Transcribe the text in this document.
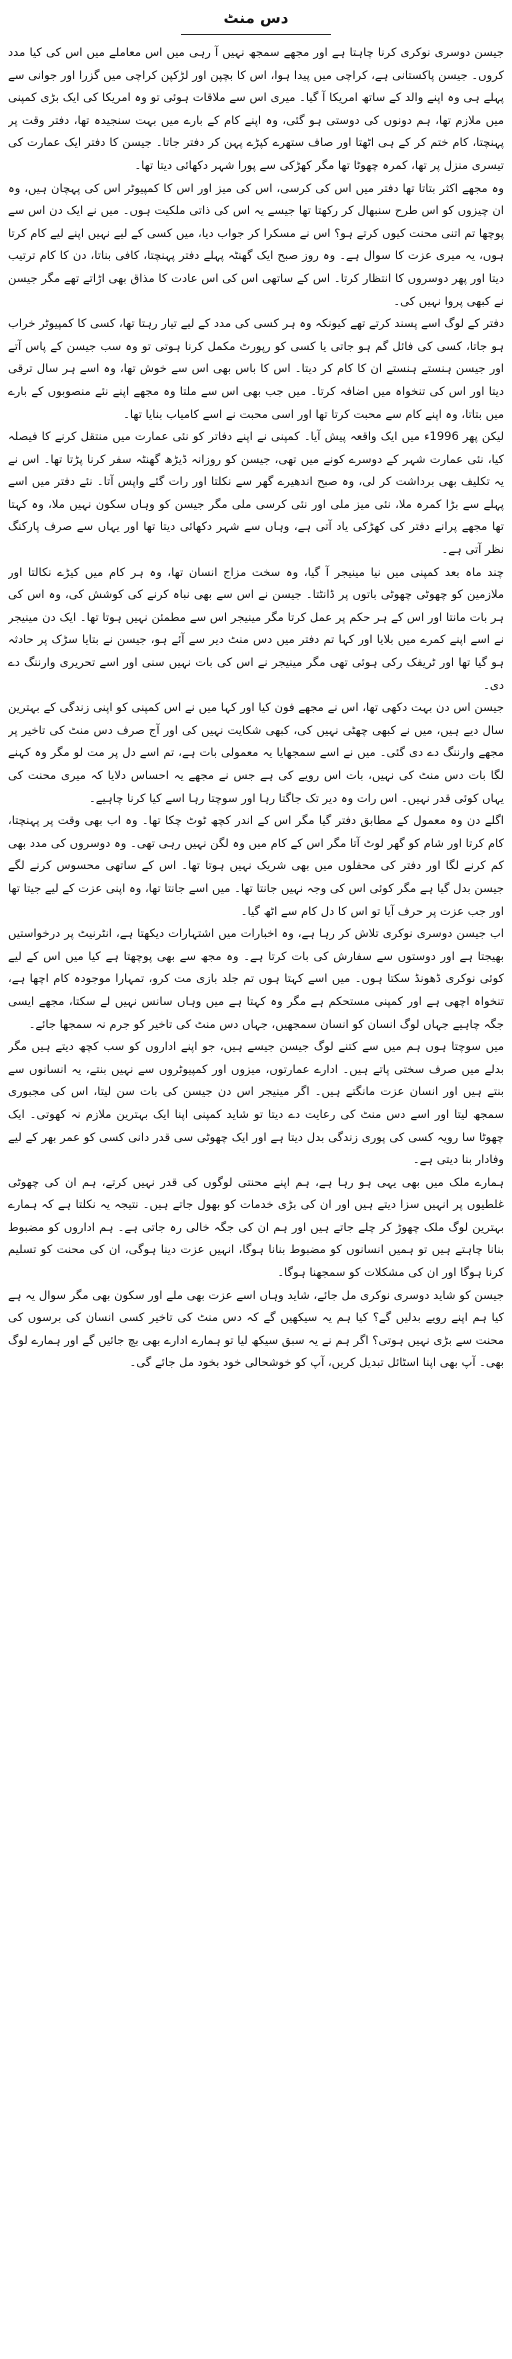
دس منٹ

جیسن دوسری نوکری کرنا چاہتا ہے اور مجھے سمجھ نہیں آ رہی میں اس معاملے میں اس کی کیا مدد کروں۔ جیسن پاکستانی ہے، کراچی میں پیدا ہوا، اس کا بچپن اور لڑکپن کراچی میں گزرا اور جوانی سے پہلے ہی وہ اپنے والد کے ساتھ امریکا آ گیا۔ میری اس سے ملاقات ہوئی تو وہ امریکا کی ایک بڑی کمپنی میں ملازم تھا، ہم دونوں کی دوستی ہو گئی، وہ اپنے کام کے بارے میں بہت سنجیدہ تھا، دفتر وقت پر پہنچتا، کام ختم کر کے ہی اٹھتا اور صاف ستھرے کپڑے پہن کر دفتر جاتا۔ جیسن کا دفتر ایک عمارت کی تیسری منزل پر تھا، کمرہ چھوٹا تھا مگر کھڑکی سے پورا شہر دکھائی دیتا تھا۔

وہ مجھے اکثر بتاتا تھا دفتر میں اس کی کرسی، اس کی میز اور اس کا کمپیوٹر اس کی پہچان ہیں، وہ ان چیزوں کو اس طرح سنبھال کر رکھتا تھا جیسے یہ اس کی ذاتی ملکیت ہوں۔ میں نے ایک دن اس سے پوچھا تم اتنی محنت کیوں کرتے ہو؟ اس نے مسکرا کر جواب دیا، میں کسی کے لیے نہیں اپنے لیے کام کرتا ہوں، یہ میری عزت کا سوال ہے۔ وہ روز صبح ایک گھنٹہ پہلے دفتر پہنچتا، کافی بناتا، دن کا کام ترتیب دیتا اور پھر دوسروں کا انتظار کرتا۔ اس کے ساتھی اس کی اس عادت کا مذاق بھی اڑاتے تھے مگر جیسن نے کبھی پروا نہیں کی۔

دفتر کے لوگ اسے پسند کرتے تھے کیونکہ وہ ہر کسی کی مدد کے لیے تیار رہتا تھا، کسی کا کمپیوٹر خراب ہو جاتا، کسی کی فائل گم ہو جاتی یا کسی کو رپورٹ مکمل کرنا ہوتی تو وہ سب جیسن کے پاس آتے اور جیسن ہنستے ہنستے ان کا کام کر دیتا۔ اس کا باس بھی اس سے خوش تھا، وہ اسے ہر سال ترقی دیتا اور اس کی تنخواہ میں اضافہ کرتا۔ میں جب بھی اس سے ملتا وہ مجھے اپنے نئے منصوبوں کے بارے میں بتاتا، وہ اپنے کام سے محبت کرتا تھا اور اسی محبت نے اسے کامیاب بنایا تھا۔

لیکن پھر 1996ء میں ایک واقعہ پیش آیا۔ کمپنی نے اپنے دفاتر کو نئی عمارت میں منتقل کرنے کا فیصلہ کیا، نئی عمارت شہر کے دوسرے کونے میں تھی، جیسن کو روزانہ ڈیڑھ گھنٹہ سفر کرنا پڑتا تھا۔ اس نے یہ تکلیف بھی برداشت کر لی، وہ صبح اندھیرے گھر سے نکلتا اور رات گئے واپس آتا۔ نئے دفتر میں اسے پہلے سے بڑا کمرہ ملا، نئی میز ملی اور نئی کرسی ملی مگر جیسن کو وہاں سکون نہیں ملا، وہ کہتا تھا مجھے پرانے دفتر کی کھڑکی یاد آتی ہے، وہاں سے شہر دکھائی دیتا تھا اور یہاں سے صرف پارکنگ نظر آتی ہے۔

چند ماہ بعد کمپنی میں نیا مینیجر آ گیا، وہ سخت مزاج انسان تھا، وہ ہر کام میں کیڑے نکالتا اور ملازمین کو چھوٹی چھوٹی باتوں پر ڈانٹتا۔ جیسن نے اس سے بھی نباہ کرنے کی کوشش کی، وہ اس کی ہر بات مانتا اور اس کے ہر حکم پر عمل کرتا مگر مینیجر اس سے مطمئن نہیں ہوتا تھا۔ ایک دن مینیجر نے اسے اپنے کمرے میں بلایا اور کہا تم دفتر میں دس منٹ دیر سے آئے ہو، جیسن نے بتایا سڑک پر حادثہ ہو گیا تھا اور ٹریفک رکی ہوئی تھی مگر مینیجر نے اس کی بات نہیں سنی اور اسے تحریری وارننگ دے دی۔

جیسن اس دن بہت دکھی تھا، اس نے مجھے فون کیا اور کہا میں نے اس کمپنی کو اپنی زندگی کے بہترین سال دیے ہیں، میں نے کبھی چھٹی نہیں کی، کبھی شکایت نہیں کی اور آج صرف دس منٹ کی تاخیر پر مجھے وارننگ دے دی گئی۔ میں نے اسے سمجھایا یہ معمولی بات ہے، تم اسے دل پر مت لو مگر وہ کہنے لگا بات دس منٹ کی نہیں، بات اس رویے کی ہے جس نے مجھے یہ احساس دلایا کہ میری محنت کی یہاں کوئی قدر نہیں۔ اس رات وہ دیر تک جاگتا رہا اور سوچتا رہا اسے کیا کرنا چاہیے۔

اگلے دن وہ معمول کے مطابق دفتر گیا مگر اس کے اندر کچھ ٹوٹ چکا تھا۔ وہ اب بھی وقت پر پہنچتا، کام کرتا اور شام کو گھر لوٹ آتا مگر اس کے کام میں وہ لگن نہیں رہی تھی۔ وہ دوسروں کی مدد بھی کم کرنے لگا اور دفتر کی محفلوں میں بھی شریک نہیں ہوتا تھا۔ اس کے ساتھی محسوس کرنے لگے جیسن بدل گیا ہے مگر کوئی اس کی وجہ نہیں جانتا تھا۔ میں اسے جانتا تھا، وہ اپنی عزت کے لیے جیتا تھا اور جب عزت پر حرف آیا تو اس کا دل کام سے اٹھ گیا۔

اب جیسن دوسری نوکری تلاش کر رہا ہے، وہ اخبارات میں اشتہارات دیکھتا ہے، انٹرنیٹ پر درخواستیں بھیجتا ہے اور دوستوں سے سفارش کی بات کرتا ہے۔ وہ مجھ سے بھی پوچھتا ہے کیا میں اس کے لیے کوئی نوکری ڈھونڈ سکتا ہوں۔ میں اسے کہتا ہوں تم جلد بازی مت کرو، تمہارا موجودہ کام اچھا ہے، تنخواہ اچھی ہے اور کمپنی مستحکم ہے مگر وہ کہتا ہے میں وہاں سانس نہیں لے سکتا، مجھے ایسی جگہ چاہیے جہاں لوگ انسان کو انسان سمجھیں، جہاں دس منٹ کی تاخیر کو جرم نہ سمجھا جائے۔

میں سوچتا ہوں ہم میں سے کتنے لوگ جیسن جیسے ہیں، جو اپنے اداروں کو سب کچھ دیتے ہیں مگر بدلے میں صرف سختی پاتے ہیں۔ ادارے عمارتوں، میزوں اور کمپیوٹروں سے نہیں بنتے، یہ انسانوں سے بنتے ہیں اور انسان عزت مانگتے ہیں۔ اگر مینیجر اس دن جیسن کی بات سن لیتا، اس کی مجبوری سمجھ لیتا اور اسے دس منٹ کی رعایت دے دیتا تو شاید کمپنی اپنا ایک بہترین ملازم نہ کھوتی۔ ایک چھوٹا سا رویہ کسی کی پوری زندگی بدل دیتا ہے اور ایک چھوٹی سی قدر دانی کسی کو عمر بھر کے لیے وفادار بنا دیتی ہے۔

ہمارے ملک میں بھی یہی ہو رہا ہے، ہم اپنے محنتی لوگوں کی قدر نہیں کرتے، ہم ان کی چھوٹی غلطیوں پر انہیں سزا دیتے ہیں اور ان کی بڑی خدمات کو بھول جاتے ہیں۔ نتیجہ یہ نکلتا ہے کہ ہمارے بہترین لوگ ملک چھوڑ کر چلے جاتے ہیں اور ہم ان کی جگہ خالی رہ جاتی ہے۔ ہم اداروں کو مضبوط بنانا چاہتے ہیں تو ہمیں انسانوں کو مضبوط بنانا ہوگا، انہیں عزت دینا ہوگی، ان کی محنت کو تسلیم کرنا ہوگا اور ان کی مشکلات کو سمجھنا ہوگا۔

جیسن کو شاید دوسری نوکری مل جائے، شاید وہاں اسے عزت بھی ملے اور سکون بھی مگر سوال یہ ہے کیا ہم اپنے رویے بدلیں گے؟ کیا ہم یہ سیکھیں گے کہ دس منٹ کی تاخیر کسی انسان کی برسوں کی محنت سے بڑی نہیں ہوتی؟ اگر ہم نے یہ سبق سیکھ لیا تو ہمارے ادارے بھی بچ جائیں گے اور ہمارے لوگ بھی۔ آپ بھی اپنا اسٹائل تبدیل کریں، آپ کو خوشحالی خود بخود مل جائے گی۔
